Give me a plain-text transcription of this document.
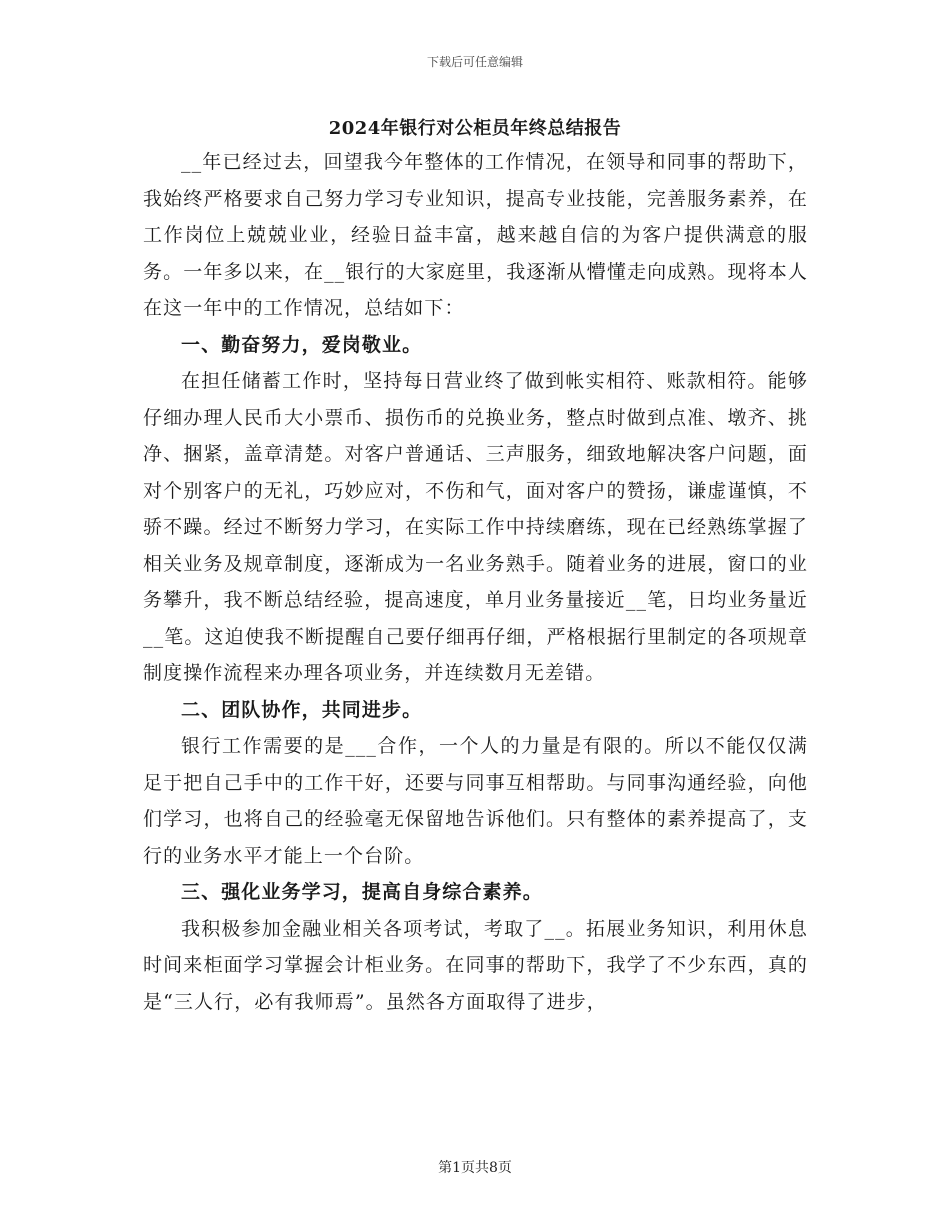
下载后可任意编辑
2024年银行对公柜员年终总结报告

__年已经过去，回望我今年整体的工作情况，在领导和同事的帮助下，我始终严格要求自己努力学习专业知识，提高专业技能，完善服务素养，在工作岗位上兢兢业业，经验日益丰富，越来越自信的为客户提供满意的服务。一年多以来，在__银行的大家庭里，我逐渐从懵懂走向成熟。现将本人在这一年中的工作情况，总结如下：

一、勤奋努力，爱岗敬业。

在担任储蓄工作时，坚持每日营业终了做到帐实相符、账款相符。能够仔细办理人民币大小票币、损伤币的兑换业务，整点时做到点准、墩齐、挑净、捆紧，盖章清楚。对客户普通话、三声服务，细致地解决客户问题，面对个别客户的无礼，巧妙应对，不伤和气，面对客户的赞扬，谦虚谨慎，不骄不躁。经过不断努力学习，在实际工作中持续磨练，现在已经熟练掌握了相关业务及规章制度，逐渐成为一名业务熟手。随着业务的进展，窗口的业务攀升，我不断总结经验，提高速度，单月业务量接近__笔，日均业务量近__笔。这迫使我不断提醒自己要仔细再仔细，严格根据行里制定的各项规章制度操作流程来办理各项业务，并连续数月无差错。

二、团队协作，共同进步。

银行工作需要的是___合作，一个人的力量是有限的。所以不能仅仅满足于把自己手中的工作干好，还要与同事互相帮助。与同事沟通经验，向他们学习，也将自己的经验毫无保留地告诉他们。只有整体的素养提高了，支行的业务水平才能上一个台阶。

三、强化业务学习，提高自身综合素养。

我积极参加金融业相关各项考试，考取了__。拓展业务知识，利用休息时间来柜面学习掌握会计柜业务。在同事的帮助下，我学了不少东西，真的是“三人行，必有我师焉”。虽然各方面取得了进步，

第1页共8页
